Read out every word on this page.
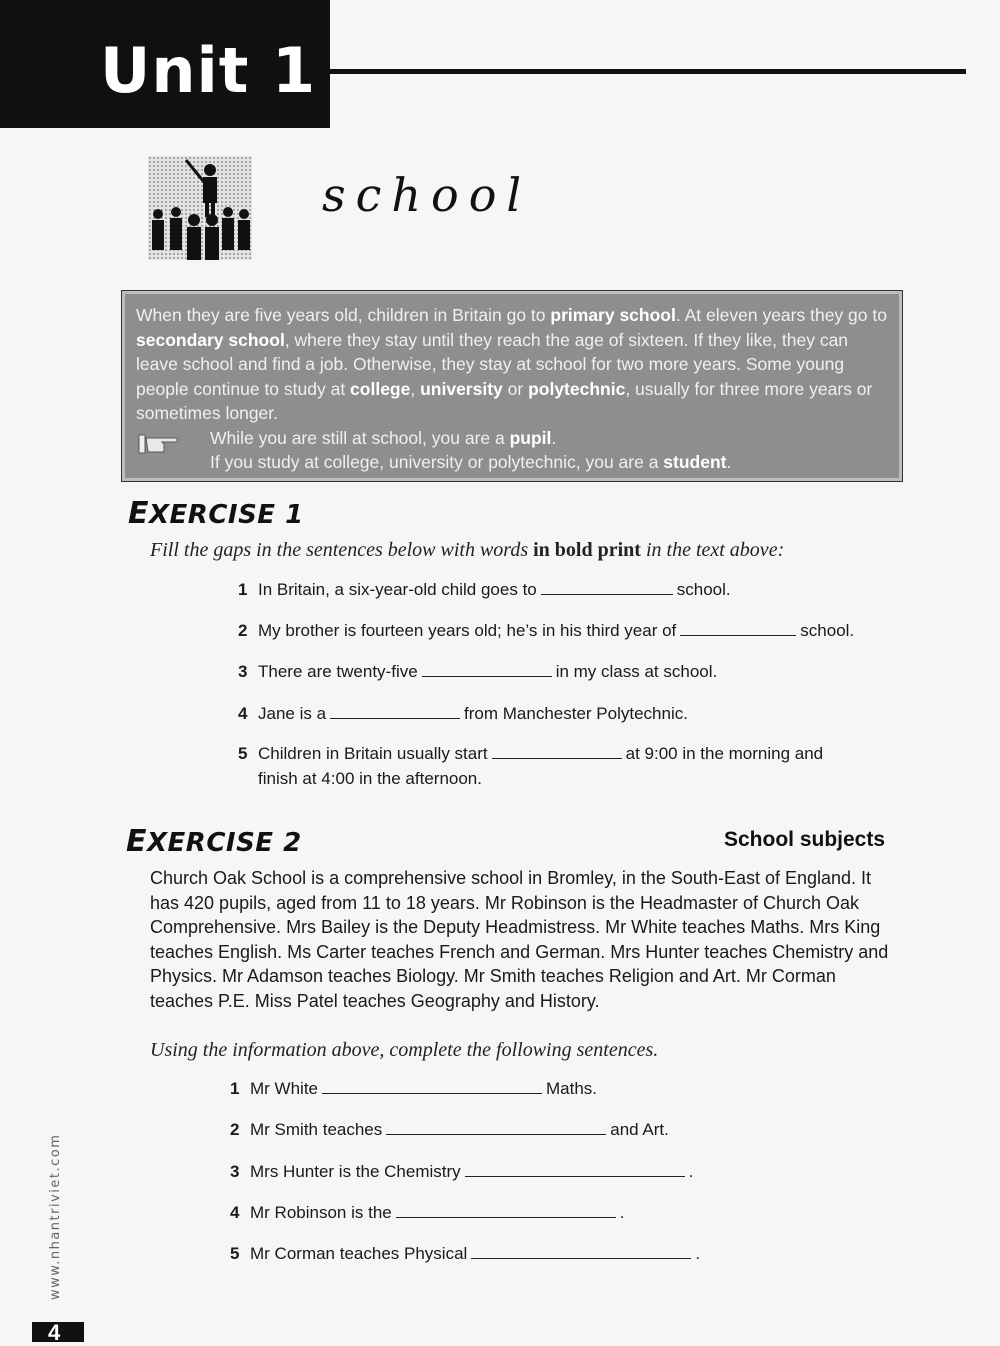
Unit 1
school
When they are five years old, children in Britain go to primary school. At eleven years they go to secondary school, where they stay until they reach the age of sixteen. If they like, they can leave school and find a job. Otherwise, they stay at school for two more years. Some young people continue to study at college, university or polytechnic, usually for three more years or sometimes longer.
While you are still at school, you are a pupil.
If you study at college, university or polytechnic, you are a student.
EXERCISE 1
Fill the gaps in the sentences below with words in bold print in the text above:
1 In Britain, a six-year-old child goes to	school.
2 My brother is fourteen years old; he’s in his third year of	school.
3 There are twenty-five	in my class at school.
4 Jane is a	from Manchester Polytechnic.
5 Children in Britain usually start	at 9:00 in the morning and
finish at 4:00 in the afternoon.
EXERCISE 2	School subjects
Church Oak School is a comprehensive school in Bromley, in the South-East of England. It has 420 pupils, aged from 11 to 18 years. Mr Robinson is the Headmaster of Church Oak Comprehensive. Mrs Bailey is the Deputy Headmistress. Mr White teaches Maths. Mrs King teaches English. Ms Carter teaches French and German. Mrs Hunter teaches Chemistry and Physics. Mr Adamson teaches Biology. Mr Smith teaches Religion and Art. Mr Corman teaches P.E. Miss Patel teaches Geography and History.
Using the information above, complete the following sentences.
1 Mr White	Maths.
2 Mr Smith teaches	and Art.
3 Mrs Hunter is the Chemistry	.
4 Mr Robinson is the	.
5 Mr Corman teaches Physical	.
www.nhantriviet.com
4
